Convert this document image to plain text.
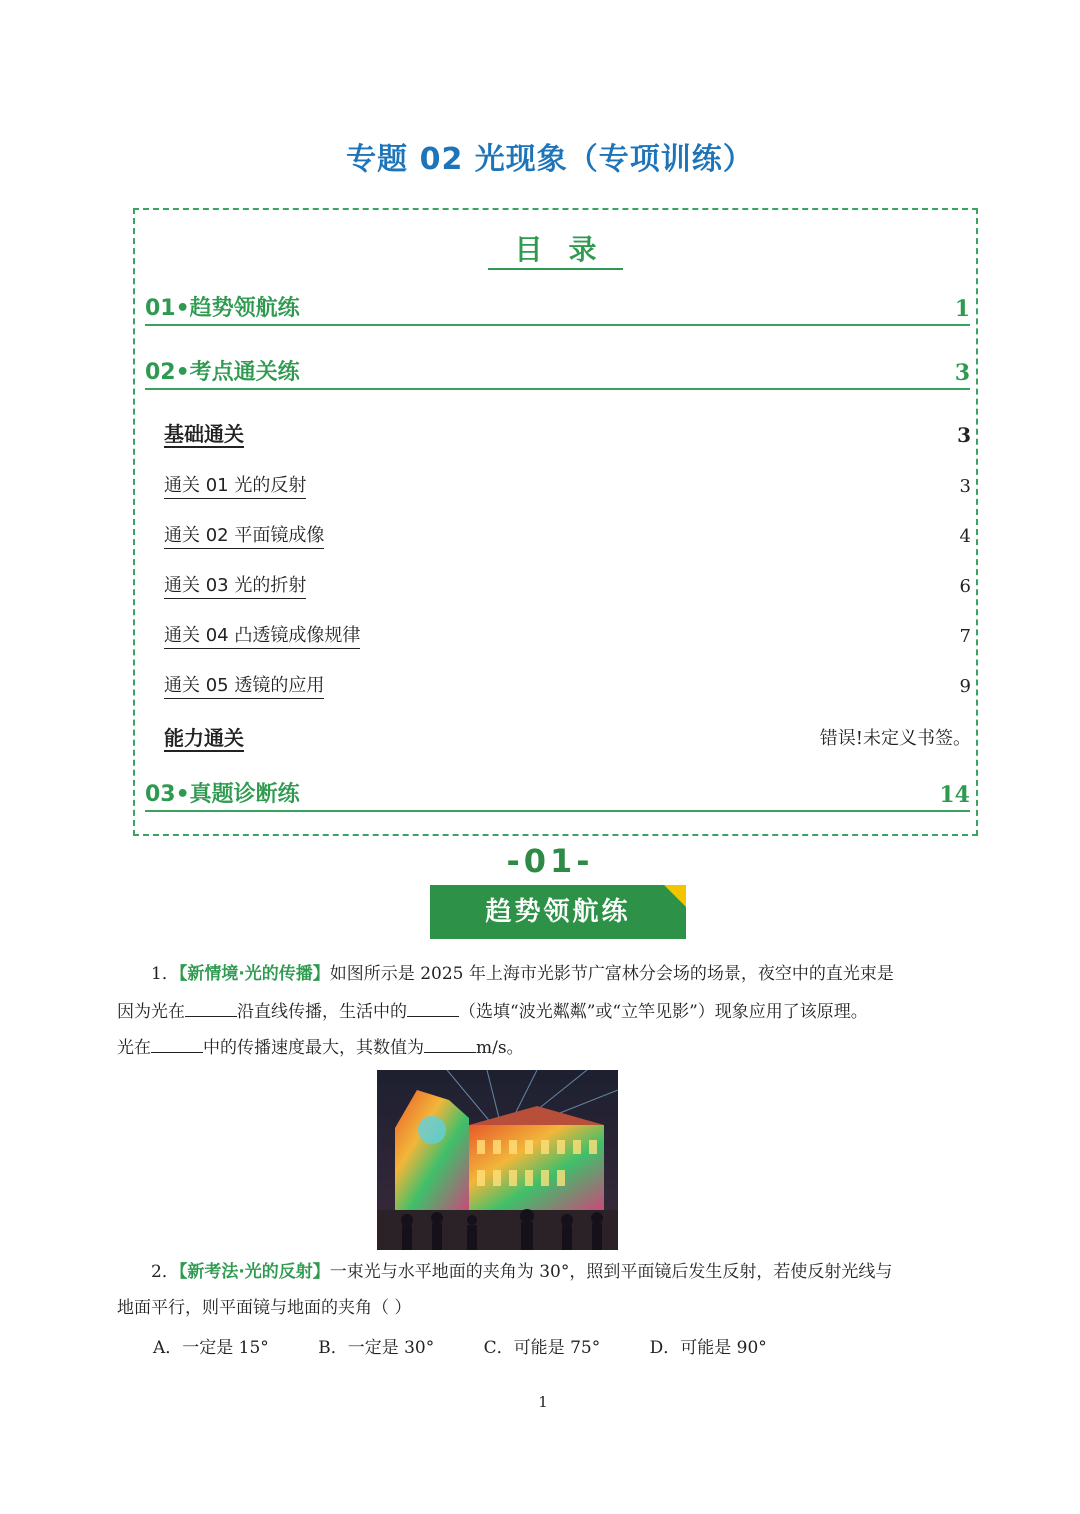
专题 02 光现象（专项训练）
目录
01•趋势领航练	1
02•考点通关练	3
基础通关	3
通关 01 光的反射	3
通关 02 平面镜成像	4
通关 03 光的折射	6
通关 04 凸透镜成像规律	7
通关 05 透镜的应用	9
能力通关	错误!未定义书签。
03•真题诊断练	14
-01-
趋势领航练
1．【新情境·光的传播】如图所示是 2025 年上海市光影节广富林分会场的场景，夜空中的直光束是
因为光在	沿直线传播，生活中的	（选填“波光粼粼”或“立竿见影”）现象应用了该原理。
光在	中的传播速度最大，其数值为	m/s。
2．【新考法·光的反射】一束光与水平地面的夹角为 30°，照到平面镜后发生反射，若使反射光线与
地面平行，则平面镜与地面的夹角（ ）
A．一定是 15°	B．一定是 30°	C．可能是 75°	D．可能是 90°
1
